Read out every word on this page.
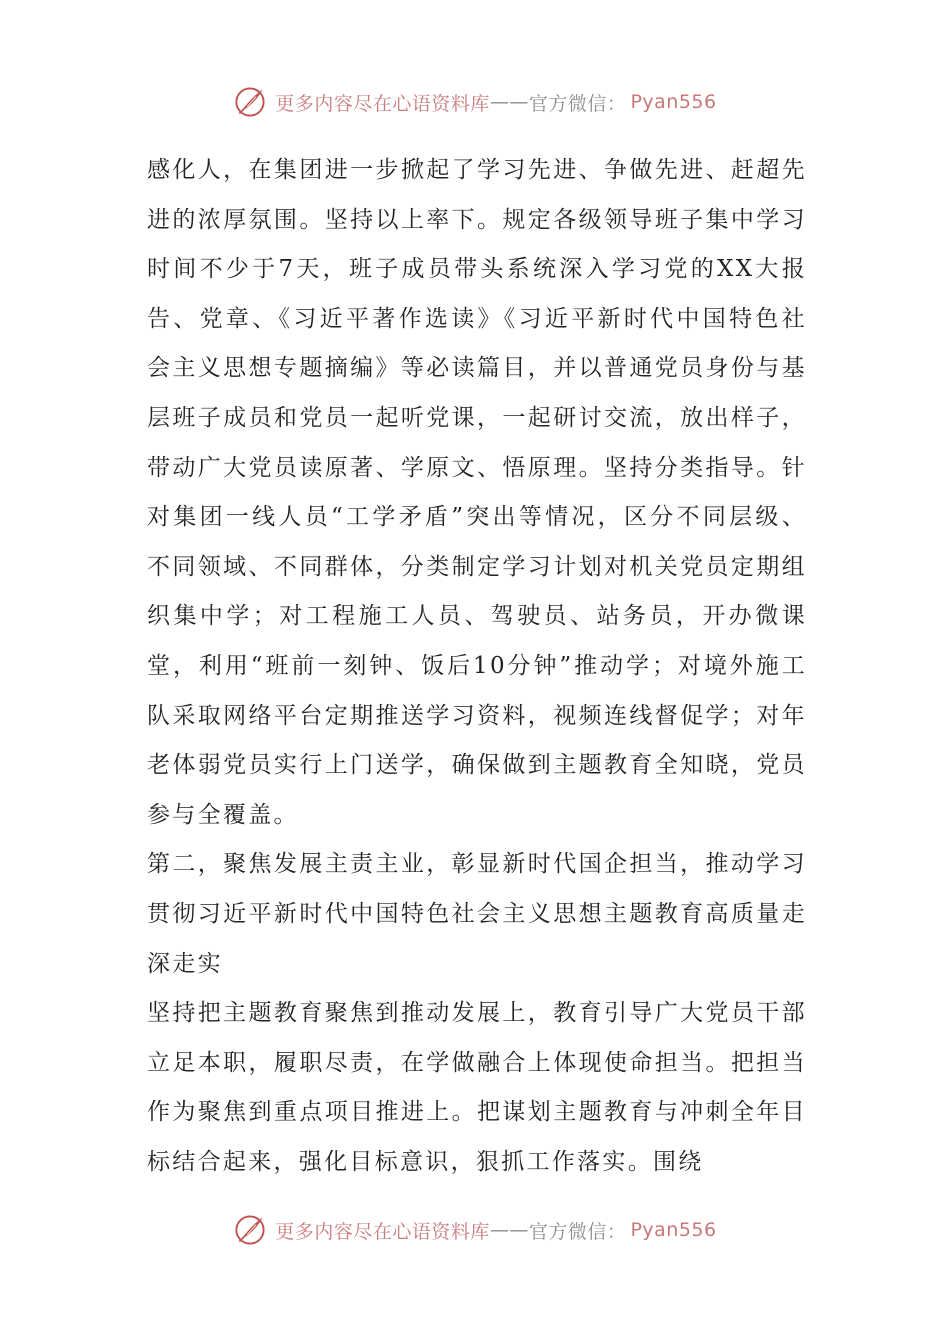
更多内容尽在心语资料库 —— 官方微信： Pyan556

感化人，在集团进一步掀起了学习先进、争做先进、赶超先进的浓厚氛围。坚持以上率下。规定各级领导班子集中学习时间不少于7天，班子成员带头系统深入学习党的XX大报告、党章、《习近平著作选读》《习近平新时代中国特色社会主义思想专题摘编》等必读篇目，并以普通党员身份与基层班子成员和党员一起听党课，一起研讨交流，放出样子，带动广大党员读原著、学原文、悟原理。坚持分类指导。针对集团一线人员“工学矛盾”突出等情况，区分不同层级、不同领域、不同群体，分类制定学习计划对机关党员定期组织集中学；对工程施工人员、驾驶员、站务员，开办微课堂，利用“班前一刻钟、饭后10分钟”推动学；对境外施工队采取网络平台定期推送学习资料，视频连线督促学；对年老体弱党员实行上门送学，确保做到主题教育全知晓，党员参与全覆盖。

第二，聚焦发展主责主业，彰显新时代国企担当，推动学习贯彻习近平新时代中国特色社会主义思想主题教育高质量走深走实

坚持把主题教育聚焦到推动发展上，教育引导广大党员干部立足本职，履职尽责，在学做融合上体现使命担当。把担当作为聚焦到重点项目推进上。把谋划主题教育与冲刺全年目标结合起来，强化目标意识，狠抓工作落实。围绕

更多内容尽在心语资料库 —— 官方微信： Pyan556
